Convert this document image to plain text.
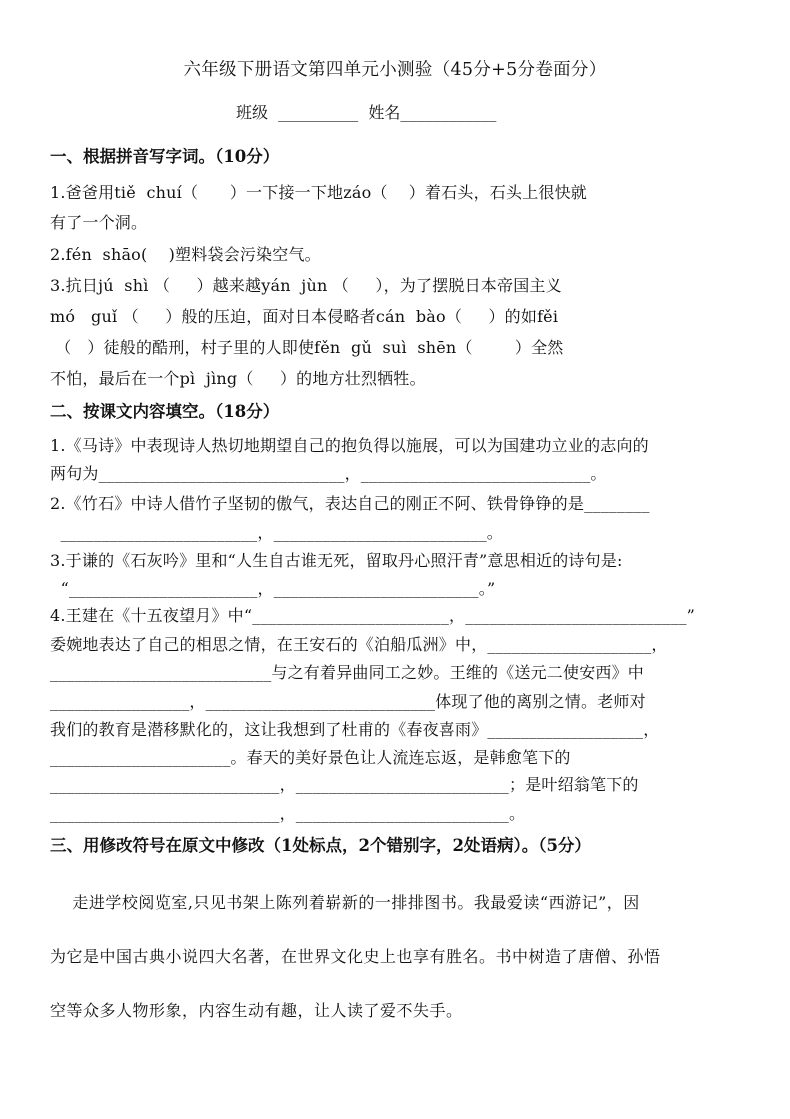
六年级下册语文第四单元小测验（45分+5分卷面分）
班级  __________  姓名____________
一、根据拼音写字词。（10分）
1.爸爸用tiě  chuí（      ）一下接一下地záo（    ）着石头，石头上很快就
有了一个洞。
2.fén  shāo(    )塑料袋会污染空气。
3.抗日jú  shì （     ）越来越yán  jùn （     ），为了摆脱日本帝国主义
mó   guǐ （     ）般的压迫，面对日本侵略者cán  bào（     ）的如fěi
（   ）徒般的酷刑，村子里的人即使fěn  gǔ  suì  shēn（        ）全然
不怕，最后在一个pì  jìng（     ）的地方壮烈牺牲。
二、按课文内容填空。（18分）
1.《马诗》中表现诗人热切地期望自己的抱负得以施展，可以为国建功立业的志向的
两句为______________________________，____________________________。
2.《竹石》中诗人借竹子坚韧的傲气，表达自己的刚正不阿、铁骨铮铮的是________
________________________，__________________________。
3.于谦的《石灰吟》里和“人生自古谁无死，留取丹心照汗青”意思相近的诗句是:
“_______________________，_________________________。”
4.王建在《十五夜望月》中“________________________，___________________________”
委婉地表达了自己的相思之情，在王安石的《泊船瓜洲》中，____________________，
___________________________与之有着异曲同工之妙。王维的《送元二使安西》中
_________________，____________________________体现了他的离别之情。老师对
我们的教育是潜移默化的，这让我想到了杜甫的《春夜喜雨》___________________，
______________________。春天的美好景色让人流连忘返，是韩愈笔下的
____________________________，__________________________；是叶绍翁笔下的
____________________________，__________________________。
三、用修改符号在原文中修改（1处标点，2个错别字，2处语病）。（5分）
走进学校阅览室,只见书架上陈列着崭新的一排排图书。我最爱读“西游记”，因
为它是中国古典小说四大名著，在世界文化史上也享有胜名。书中树造了唐僧、孙悟
空等众多人物形象，内容生动有趣，让人读了爱不失手。
